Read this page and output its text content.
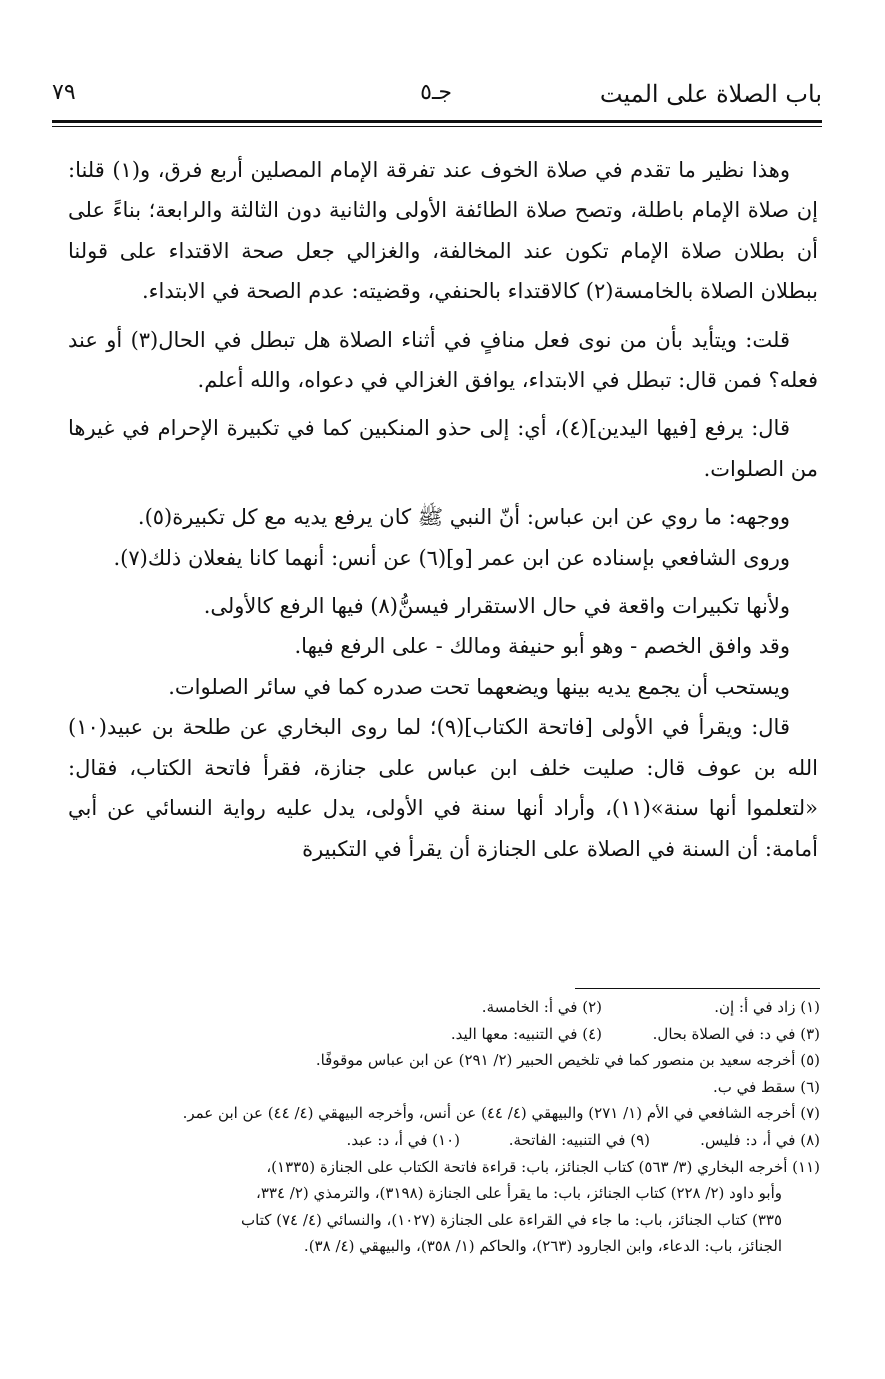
باب الصلاة على الميت
جـ٥
٧٩

وهذا نظير ما تقدم في صلاة الخوف عند تفرقة الإمام المصلين أربع فرق، و(١) قلنا: إن صلاة الإمام باطلة، وتصح صلاة الطائفة الأولى والثانية دون الثالثة والرابعة؛ بناءً على أن بطلان صلاة الإمام تكون عند المخالفة، والغزالي جعل صحة الاقتداء على قولنا ببطلان الصلاة بالخامسة(٢) كالاقتداء بالحنفي، وقضيته: عدم الصحة في الابتداء.

قلت: ويتأيد بأن من نوى فعل منافٍ في أثناء الصلاة هل تبطل في الحال(٣) أو عند فعله؟ فمن قال: تبطل في الابتداء، يوافق الغزالي في دعواه، والله أعلم.

قال: يرفع [فيها اليدين](٤)، أي: إلى حذو المنكبين كما في تكبيرة الإحرام في غيرها من الصلوات.

ووجهه: ما روي عن ابن عباس: أنّ النبي ﷺ كان يرفع يديه مع كل تكبيرة(٥).

وروى الشافعي بإسناده عن ابن عمر [و](٦) عن أنس: أنهما كانا يفعلان ذلك(٧).

ولأنها تكبيرات واقعة في حال الاستقرار فيسنُّ(٨) فيها الرفع كالأولى.

وقد وافق الخصم - وهو أبو حنيفة ومالك - على الرفع فيها.

ويستحب أن يجمع يديه بينها ويضعهما تحت صدره كما في سائر الصلوات.

قال: ويقرأ في الأولى [فاتحة الكتاب](٩)؛ لما روى البخاري عن طلحة بن عبيد(١٠) الله بن عوف قال: صليت خلف ابن عباس على جنازة، فقرأ فاتحة الكتاب، فقال: «لتعلموا أنها سنة»(١١)، وأراد أنها سنة في الأولى، يدل عليه رواية النسائي عن أبي أمامة: أن السنة في الصلاة على الجنازة أن يقرأ في التكبيرة

(١) زاد في أ: إن.(٢) في أ: الخامسة.
(٣) في د: في الصلاة بحال.(٤) في التنبيه: معها اليد.
(٥) أخرجه سعيد بن منصور كما في تلخيص الحبير (٢/ ٢٩١) عن ابن عباس موقوفًا.
(٦) سقط في ب.
(٧) أخرجه الشافعي في الأم (١/ ٢٧١) والبيهقي (٤/ ٤٤) عن أنس، وأخرجه البيهقي (٤/ ٤٤) عن ابن عمر.
(٨) في أ، د: فليس.(٩) في التنبيه: الفاتحة.(١٠) في أ، د: عبد.
(١١) أخرجه البخاري (٣/ ٥٦٣) كتاب الجنائز، باب: قراءة فاتحة الكتاب على الجنازة (١٣٣٥)،
وأبو داود (٢/ ٢٢٨) كتاب الجنائز، باب: ما يقرأ على الجنازة (٣١٩٨)، والترمذي (٢/ ٣٣٤،
٣٣٥) كتاب الجنائز، باب: ما جاء في القراءة على الجنازة (١٠٢٧)، والنسائي (٤/ ٧٤) كتاب
الجنائز، باب: الدعاء، وابن الجارود (٢٦٣)، والحاكم (١/ ٣٥٨)، والبيهقي (٤/ ٣٨).
